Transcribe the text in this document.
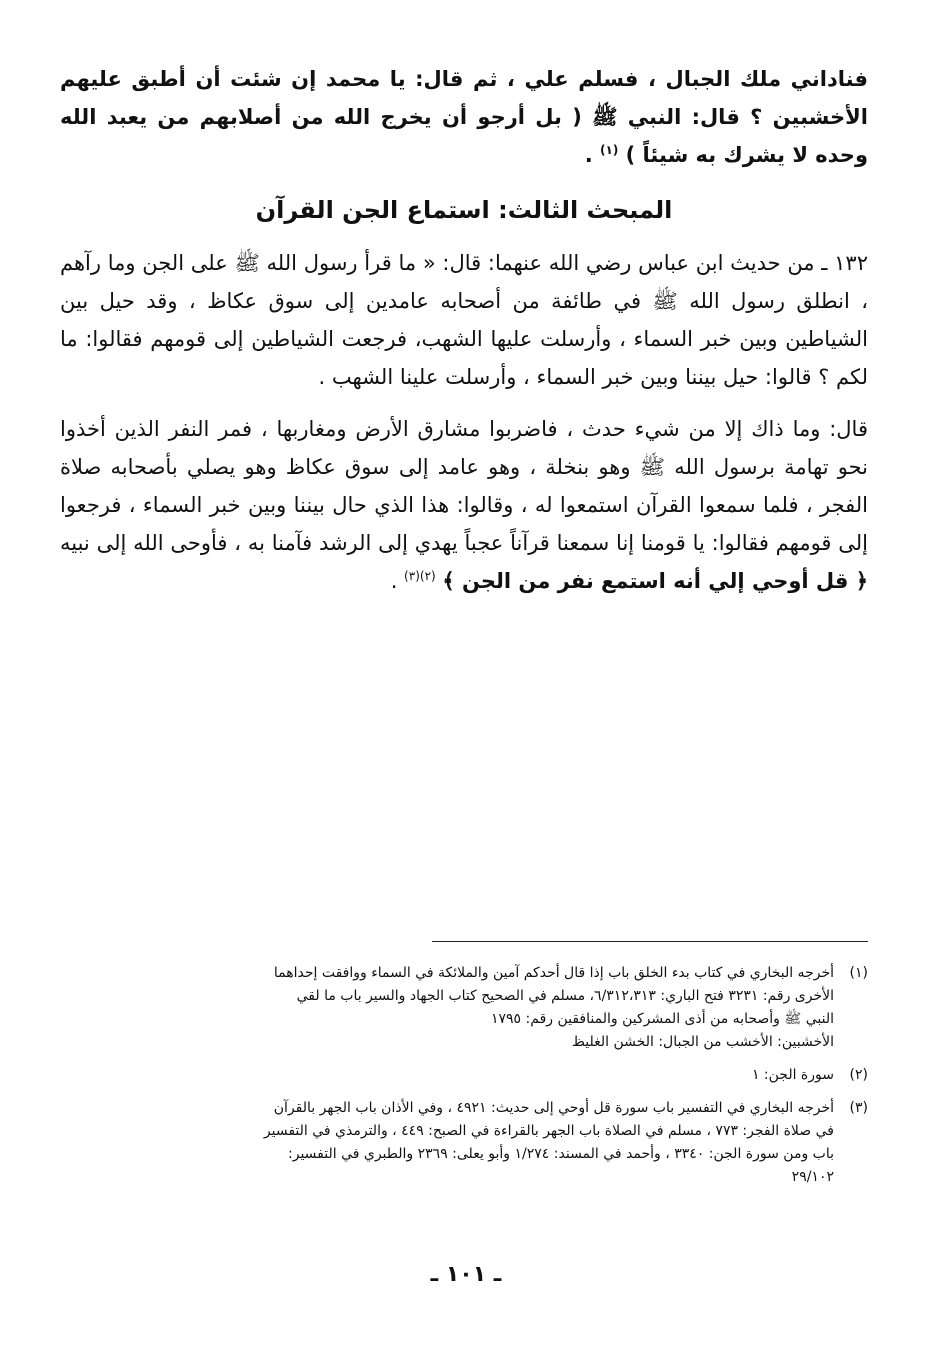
فناداني ملك الجبال ، فسلم علي ، ثم قال: يا محمد إن شئت أن أطبق عليهم الأخشبين ؟ قال: النبي ﷺ ( بل أرجو أن يخرج الله من أصلابهم من يعبد الله وحده لا يشرك به شيئاً ) $^{(١)}$ .

المبحث الثالث: استماع الجن القرآن

١٣٢ ـ من حديث ابن عباس رضي الله عنهما: قال: « ما قرأ رسول الله ﷺ على الجن وما رآهم ، انطلق رسول الله ﷺ في طائفة من أصحابه عامدين إلى سوق عكاظ ، وقد حيل بين الشياطين وبين خبر السماء ، وأرسلت عليها الشهب، فرجعت الشياطين إلى قومهم فقالوا: ما لكم ؟ قالوا: حيل بيننا وبين خبر السماء ، وأرسلت علينا الشهب .

قال: وما ذاك إلا من شيء حدث ، فاضربوا مشارق الأرض ومغاربها ، فمر النفر الذين أخذوا نحو تهامة برسول الله ﷺ وهو بنخلة ، وهو عامد إلى سوق عكاظ وهو يصلي بأصحابه صلاة الفجر ، فلما سمعوا القرآن استمعوا له ، وقالوا: هذا الذي حال بيننا وبين خبر السماء ، فرجعوا إلى قومهم فقالوا: يا قومنا إنا سمعنا قرآناً عجباً يهدي إلى الرشد فآمنا به ، فأوحى الله إلى نبيه ﴿ قل أوحي إلي أنه استمع نفر من الجن ﴾ $^{(٢)(٣)}$ .

(١)
أخرجه البخاري في كتاب بدء الخلق باب إذا قال أحدكم آمين والملائكة في السماء ووافقت إحداهما
الأخرى رقم: ٣٢٣١ فتح الباري: ٦/٣١٢،٣١٣، مسلم في الصحيح كتاب الجهاد والسير باب ما لقي
النبي ﷺ وأصحابه من أذى المشركين والمنافقين رقم: ١٧٩٥
الأخشبين: الأخشب من الجبال: الخشن الغليظ
(٢)
سورة الجن: ١
(٣)
أخرجه البخاري في التفسير باب سورة قل أوحي إلى حديث: ٤٩٢١ ، وفي الأذان باب الجهر بالقرآن
في صلاة الفجر: ٧٧٣ ، مسلم في الصلاة باب الجهر بالقراءة في الصبح: ٤٤٩ ، والترمذي في التفسير
باب ومن سورة الجن: ٣٣٤٠ ، وأحمد في المسند: ١/٢٧٤ وأبو يعلى: ٢٣٦٩ والطبري في التفسير:
٢٩/١٠٢
ـ ١٠١ ـ
